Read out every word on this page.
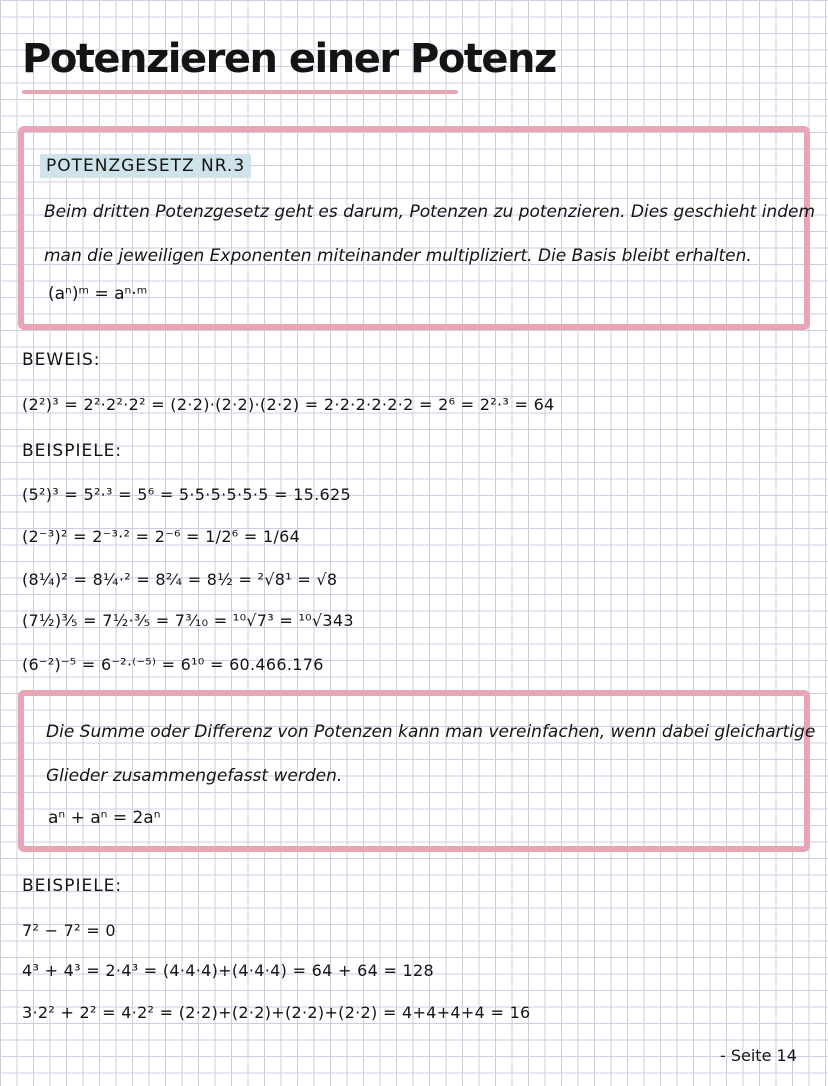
Potenzieren einer Potenz
POTENZGESETZ NR.3
Beim dritten Potenzgesetz geht es darum, Potenzen zu potenzieren. Dies geschieht indem
man die jeweiligen Exponenten miteinander multipliziert. Die Basis bleibt erhalten.
(aⁿ)ᵐ = aⁿ·ᵐ
BEWEIS:
(2²)³ = 2²·2²·2² = (2·2)·(2·2)·(2·2) = 2·2·2·2·2·2 = 2⁶ = 2²·³ = 64
BEISPIELE:
(5²)³ = 5²·³ = 5⁶ = 5·5·5·5·5·5 = 15.625
(2⁻³)² = 2⁻³·² = 2⁻⁶ = 1/2⁶ = 1/64
(8¼)² = 8¼·² = 8²⁄₄ = 8½ = ²√8¹ = √8
(7½)³⁄₅ = 7½·³⁄₅ = 7³⁄₁₀ = ¹⁰√7³ = ¹⁰√343
(6⁻²)⁻⁵ = 6⁻²·⁽⁻⁵⁾ = 6¹⁰ = 60.466.176
Die Summe oder Differenz von Potenzen kann man vereinfachen, wenn dabei gleichartige
Glieder zusammengefasst werden.
aⁿ + aⁿ = 2aⁿ
BEISPIELE:
7² − 7² = 0
4³ + 4³ = 2·4³ = (4·4·4)+(4·4·4) = 64 + 64 = 128
3·2² + 2² = 4·2² = (2·2)+(2·2)+(2·2)+(2·2) = 4+4+4+4 = 16
- Seite 14
